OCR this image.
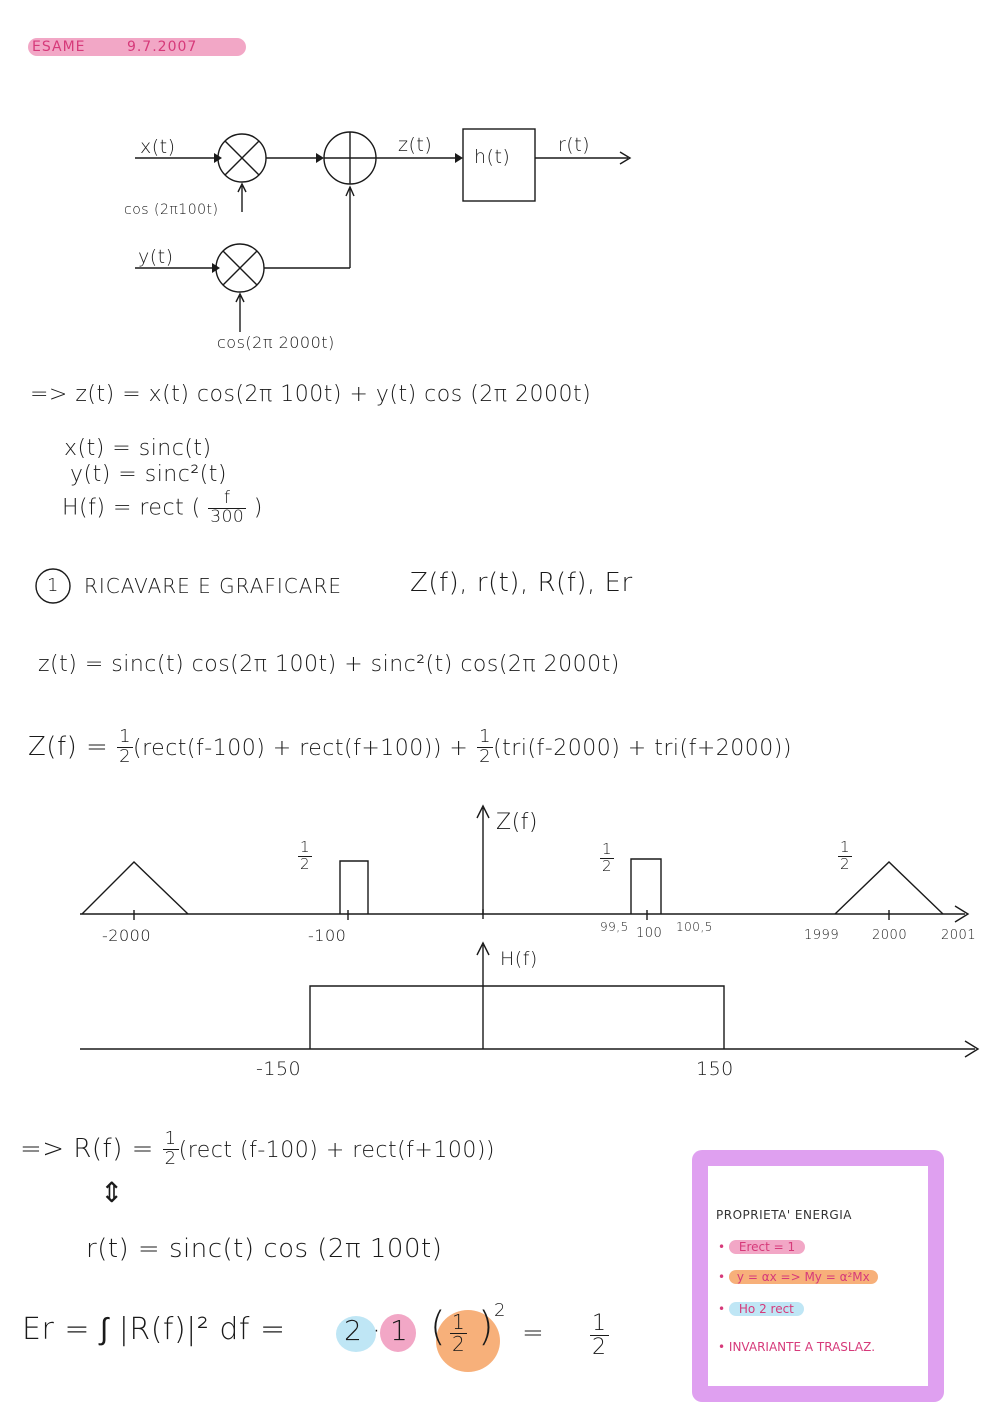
ESAME	9.7.2007
x(t)
cos (2π100t)
y(t)
cos(2π 2000t)
z(t)
h(t)
r(t)
=> z(t) = x(t) cos(2π 100t) + y(t) cos (2π 2000t)
x(t) = sinc(t)
y(t) = sinc²(t)
H(f) = rect ( $\frac{f}{300}$ )
1 RICAVARE E GRAFICARE	Z(f), r(t), R(f), Er
z(t) = sinc(t) cos(2π 100t) + sinc²(t) cos(2π 2000t)
$Z(f) = \frac{1}{2}$ (rect(f-100) + rect(f+100)) + $\frac{1}{2} (tri(f-2000) + tri(f+2000))$
Z(f)
$\frac{1}{2}$	$\frac{1}{2}$	$\frac{1}{2}$
-2000	-100	99,5 100 100,5
1999	2000	2001
H(f)
-150	150
=> $R(f) = \frac{1}{2}$ (rect (f-100) + rect(f+100))
⇕
r(t) = sinc(t) cos (2π 100t)
Er = ∫ |R(f)|² df = 2 · 1 ( $\frac{1}{2}$ ) 2
= $\frac{1}{2}$
PROPRIETA' ENERGIA
• Erect = 1
• y = αx => My = α²Mx
• Ho 2 rect
• INVARIANTE A TRASLAZ.
